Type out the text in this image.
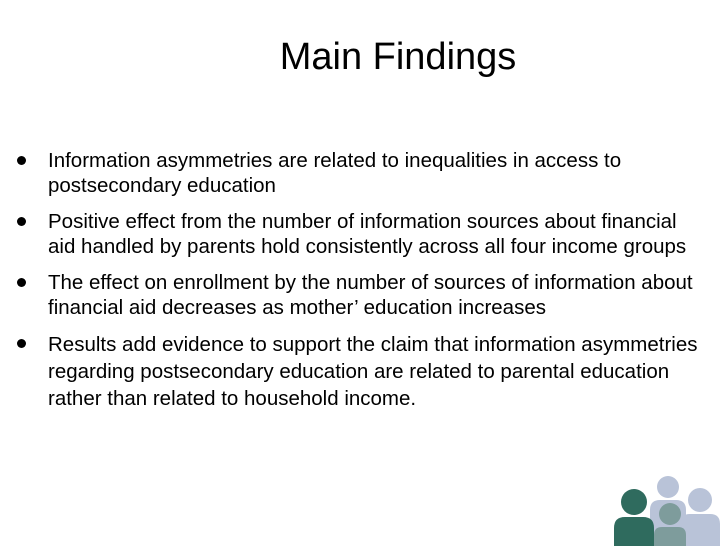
Main Findings
Information asymmetries are related to inequalities in access to postsecondary education
Positive effect from the number of information sources about financial aid handled by parents hold consistently across all four income groups
The effect on enrollment by the number of sources of information about financial aid decreases as mother’ education increases
Results add evidence to support the claim that information asymmetries regarding postsecondary education are related to parental education rather than related to household income.
